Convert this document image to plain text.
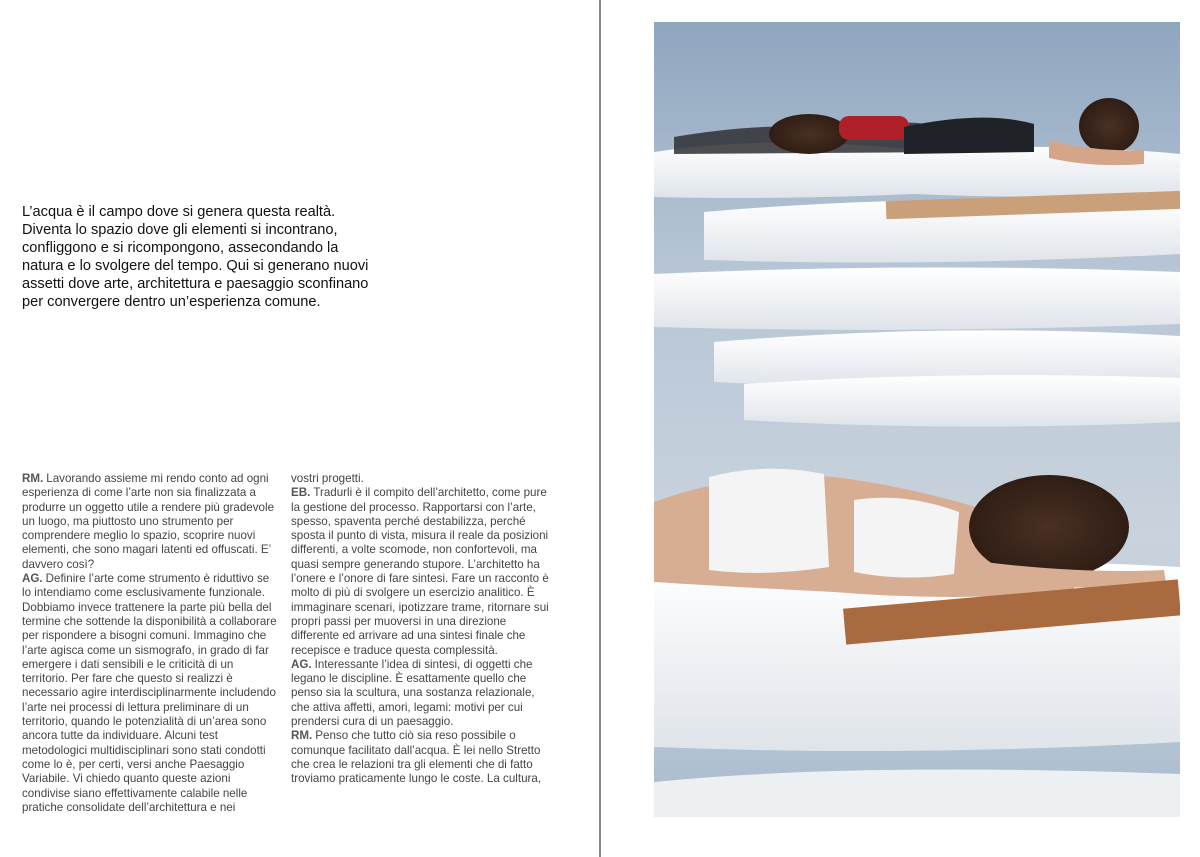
L’acqua è il campo dove si genera questa realtà.

Diventa lo spazio dove gli elementi si incontrano,

confliggono e si ricompongono, assecondando la

natura e lo svolgere del tempo. Qui si generano nuovi

assetti dove arte, architettura e paesaggio sconfinano

per convergere dentro un’esperienza comune.

RM. Lavorando assieme mi rendo conto ad ogni esperienza di come l’arte non sia finalizzata a produrre un oggetto utile a rendere più gradevole un luogo, ma piuttosto uno strumento per comprendere meglio lo spazio, scoprire nuovi elementi, che sono magari latenti ed offuscati. E’ davvero così?

AG. Definire l’arte come strumento è riduttivo se lo intendiamo come esclusivamente funzionale. Dobbiamo invece trattenere la parte più bella del termine che sottende la disponibilità a collaborare per rispondere a bisogni comuni. Immagino che l’arte agisca come un sismografo, in grado di far emergere i dati sensibili e le criticità di un territorio. Per fare che questo si realizzi è necessario agire interdisciplinarmente includendo l’arte nei processi di lettura preliminare di un territorio, quando le potenzialità di un’area sono ancora tutte da individuare. Alcuni test metodologici multidisciplinari sono stati condotti come lo è, per certi, versi anche Paesaggio Variabile. Vi chiedo quanto queste azioni condivise siano effettivamente calabile nelle pratiche consolidate dell’architettura e nei

vostri progetti.

EB. Tradurli è il compito dell’architetto, come pure la gestione del processo. Rapportarsi con l’arte, spesso, spaventa perché destabilizza, perché sposta il punto di vista, misura il reale da posizioni differenti, a volte scomode, non confortevoli, ma quasi sempre generando stupore. L’architetto ha l’onere e l’onore di fare sintesi. Fare un racconto è molto di più di svolgere un esercizio analitico. È immaginare scenari, ipotizzare trame, ritornare sui propri passi per muoversi in una direzione differente ed arrivare ad una sintesi finale che recepisce e traduce questa complessità.

AG. Interessante l’idea di sintesi, di oggetti che legano le discipline. È esattamente quello che penso sia la scultura, una sostanza relazionale, che attiva affetti, amori, legami: motivi per cui prendersi cura di un paesaggio.

RM. Penso che tutto ciò sia reso possibile o comunque facilitato dall’acqua. È lei nello Stretto che crea le relazioni tra gli elementi che di fatto troviamo praticamente lungo le coste. La cultura,
